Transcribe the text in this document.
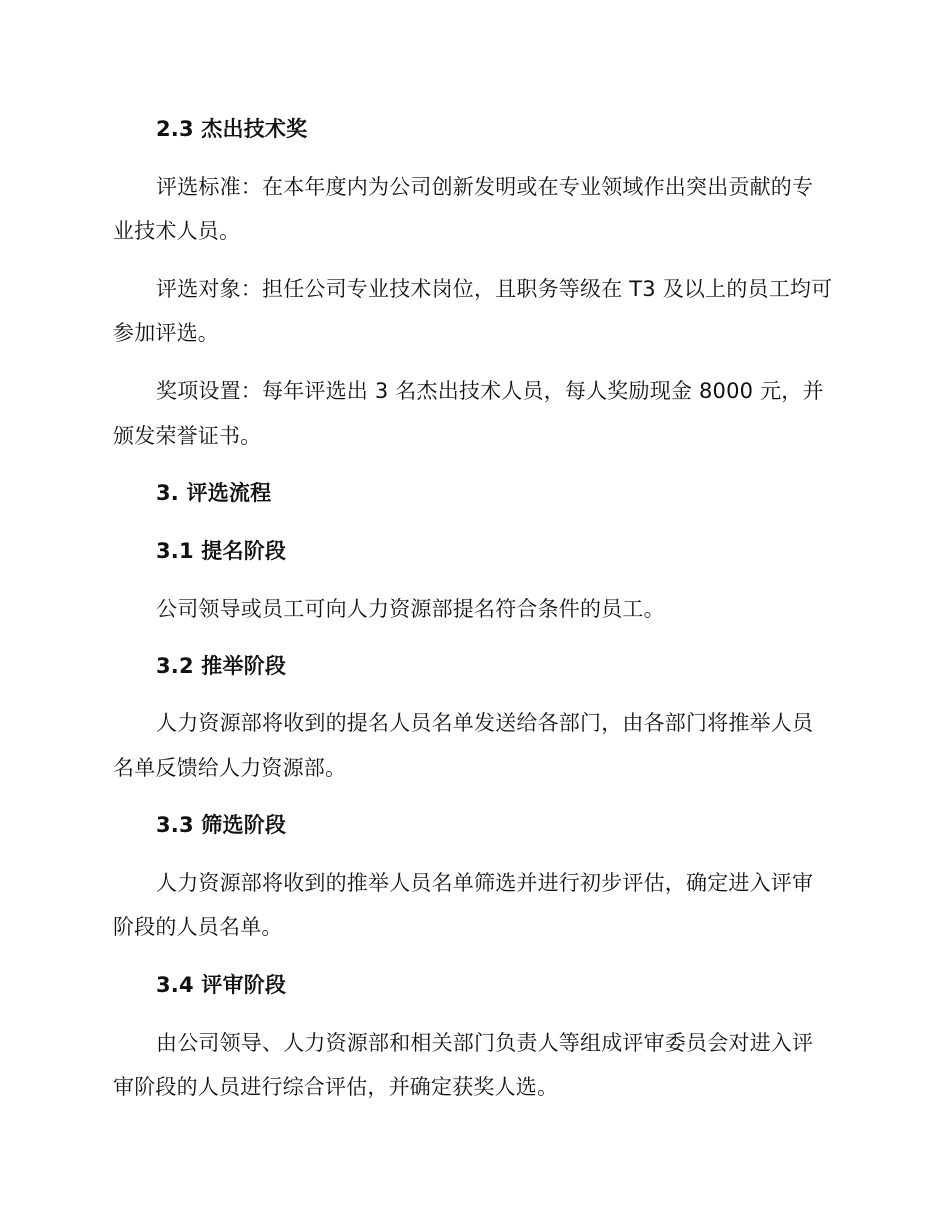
2.3 杰出技术奖
评选标准：在本年度内为公司创新发明或在专业领域作出突出贡献的专
业技术人员。
评选对象：担任公司专业技术岗位，且职务等级在 T3 及以上的员工均可
参加评选。
奖项设置：每年评选出 3 名杰出技术人员，每人奖励现金 8000 元，并
颁发荣誉证书。
3. 评选流程
3.1 提名阶段
公司领导或员工可向人力资源部提名符合条件的员工。
3.2 推举阶段
人力资源部将收到的提名人员名单发送给各部门，由各部门将推举人员
名单反馈给人力资源部。
3.3 筛选阶段
人力资源部将收到的推举人员名单筛选并进行初步评估，确定进入评审
阶段的人员名单。
3.4 评审阶段
由公司领导、人力资源部和相关部门负责人等组成评审委员会对进入评
审阶段的人员进行综合评估，并确定获奖人选。
